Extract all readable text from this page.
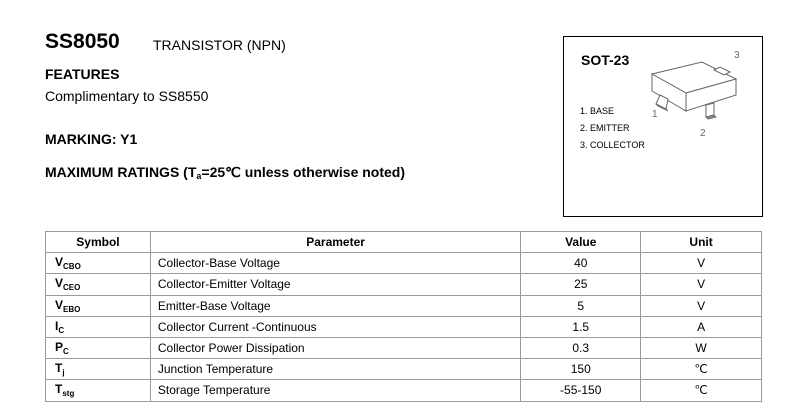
SS8050 TRANSISTOR (NPN)
FEATURES
Complimentary to SS8550
MARKING: Y1
MAXIMUM RATINGS ($T_a=25℃$ unless otherwise noted)
SOT-23	3
1
2
1. BASE
2. EMITTER
3. COLLECTOR
Symbol	Parameter	Value	Unit
$V_{CBO}$	Collector-Base Voltage	40	V
$V_{CEO}$	Collector-Emitter Voltage	25	V
$V_{EBO}$	Emitter-Base Voltage	5	V
$I_C$	Collector Current -Continuous	1.5	A
$P_C$	Collector Power Dissipation	0.3	W
$T_j$	Junction Temperature	150	℃
$T_{stg}$	Storage Temperature	-55-150	℃
